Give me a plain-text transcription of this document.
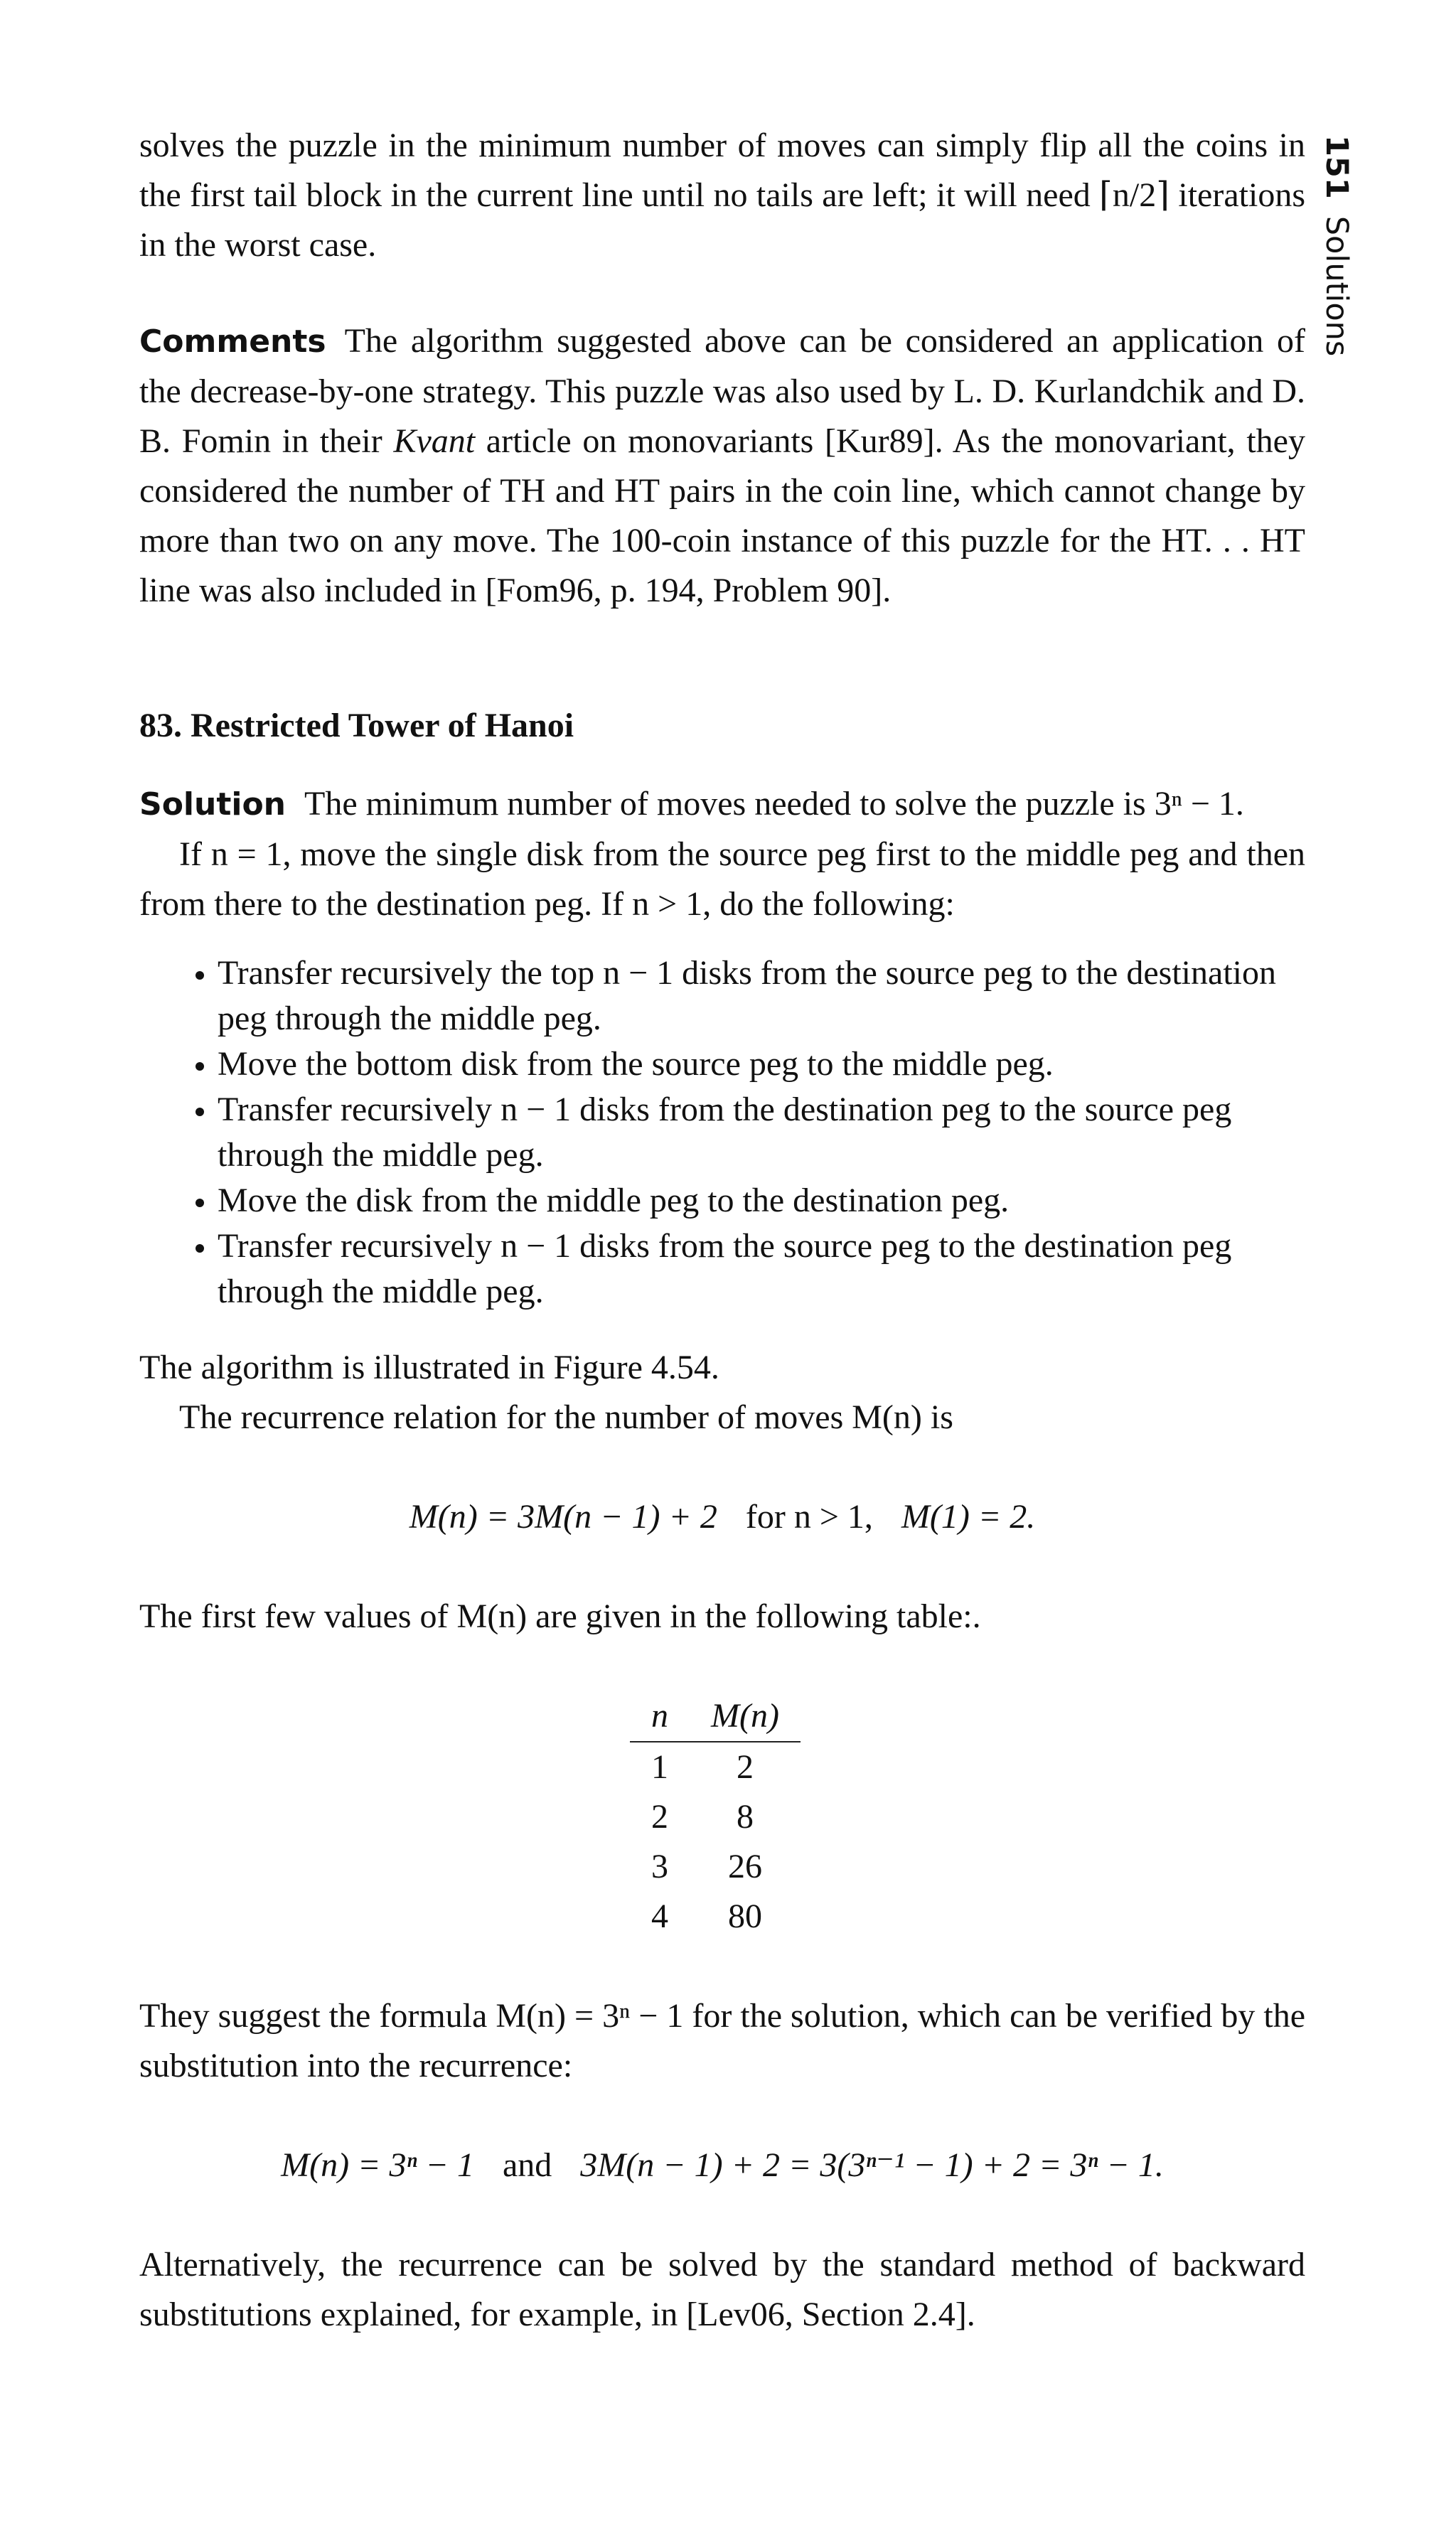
151Solutions

solves the puzzle in the minimum number of moves can simply flip all the coins in the first tail block in the current line until no tails are left; it will need ⌈n/2⌉ iterations in the worst case.

Comments The algorithm suggested above can be considered an application of the decrease-by-one strategy. This puzzle was also used by L. D. Kurlandchik and D. B. Fomin in their Kvant article on monovariants [Kur89]. As the monovariant, they considered the number of TH and HT pairs in the coin line, which cannot change by more than two on any move. The 100-coin instance of this puzzle for the HT. . . HT line was also included in [Fom96, p. 194, Problem 90].

83. Restricted Tower of Hanoi

Solution The minimum number of moves needed to solve the puzzle is 3ⁿ − 1.

If n = 1, move the single disk from the source peg first to the middle peg and then from there to the destination peg. If n > 1, do the following:

• Transfer recursively the top n − 1 disks from the source peg to the destination peg through the middle peg.
• Move the bottom disk from the source peg to the middle peg.
• Transfer recursively n − 1 disks from the destination peg to the source peg through the middle peg.
• Move the disk from the middle peg to the destination peg.
• Transfer recursively n − 1 disks from the source peg to the destination peg through the middle peg.

The algorithm is illustrated in Figure 4.54.

The recurrence relation for the number of moves M(n) is

M(n) = 3M(n − 1) + 2 for n > 1, M(1) = 2.

The first few values of M(n) are given in the following table:.

n	M(n)
1	2
2	8
3	26
4	80

They suggest the formula M(n) = 3ⁿ − 1 for the solution, which can be verified by the substitution into the recurrence:

M(n) = 3ⁿ − 1 and 3M(n − 1) + 2 = 3(3ⁿ⁻¹ − 1) + 2 = 3ⁿ − 1.

Alternatively, the recurrence can be solved by the standard method of backward substitutions explained, for example, in [Lev06, Section 2.4].
